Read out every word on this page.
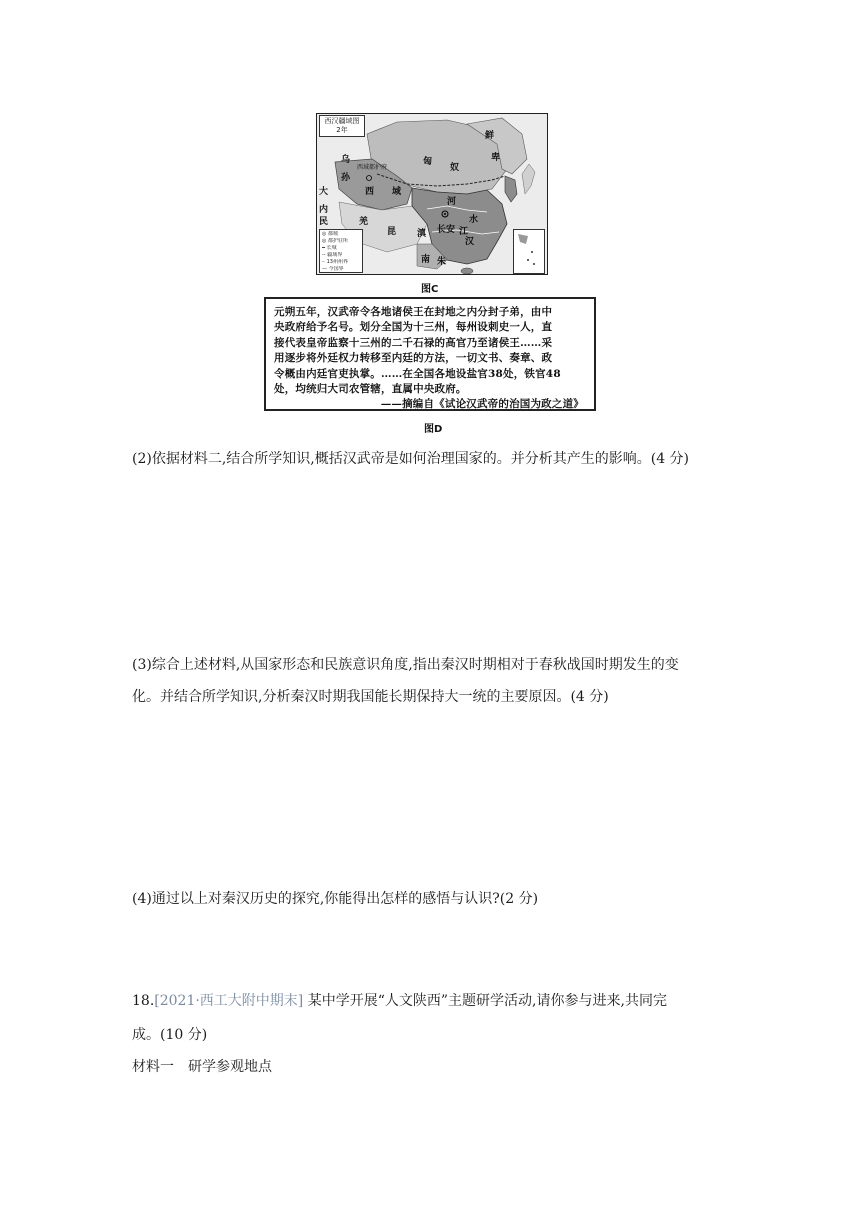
西汉疆域图
2年
匈
奴
鲜
卑
乌
孙
西域都护府
西 域
大
内
民	羌
河
长安
水
江
汉
滇
昆
南 朱
◎ 都城
◎ 都护驻所
━ 长城
-- 疆域界
┈ 13州州界
— 今国界
图C
元朔五年，汉武帝令各地诸侯王在封地之内分封子弟，由中
央政府给予名号。划分全国为十三州，每州设刺史一人，直
接代表皇帝监察十三州的二千石禄的高官乃至诸侯王……采
用逐步将外廷权力转移至内廷的方法，一切文书、奏章、政
令概由内廷官吏执掌。……在全国各地设盐官38处，铁官48
处，均统归大司农管辖，直属中央政府。
——摘编自《试论汉武帝的治国为政之道》
图D
(2)依据材料二,结合所学知识,概括汉武帝是如何治理国家的。并分析其产生的影响。(4 分)
(3)综合上述材料,从国家形态和民族意识角度,指出秦汉时期相对于春秋战国时期发生的变
化。并结合所学知识,分析秦汉时期我国能长期保持大一统的主要原因。(4 分)
(4)通过以上对秦汉历史的探究,你能得出怎样的感悟与认识?(2 分)
18.[2021·西工大附中期末] 某中学开展“人文陕西”主题研学活动,请你参与进来,共同完
成。(10 分)
材料一　研学参观地点
